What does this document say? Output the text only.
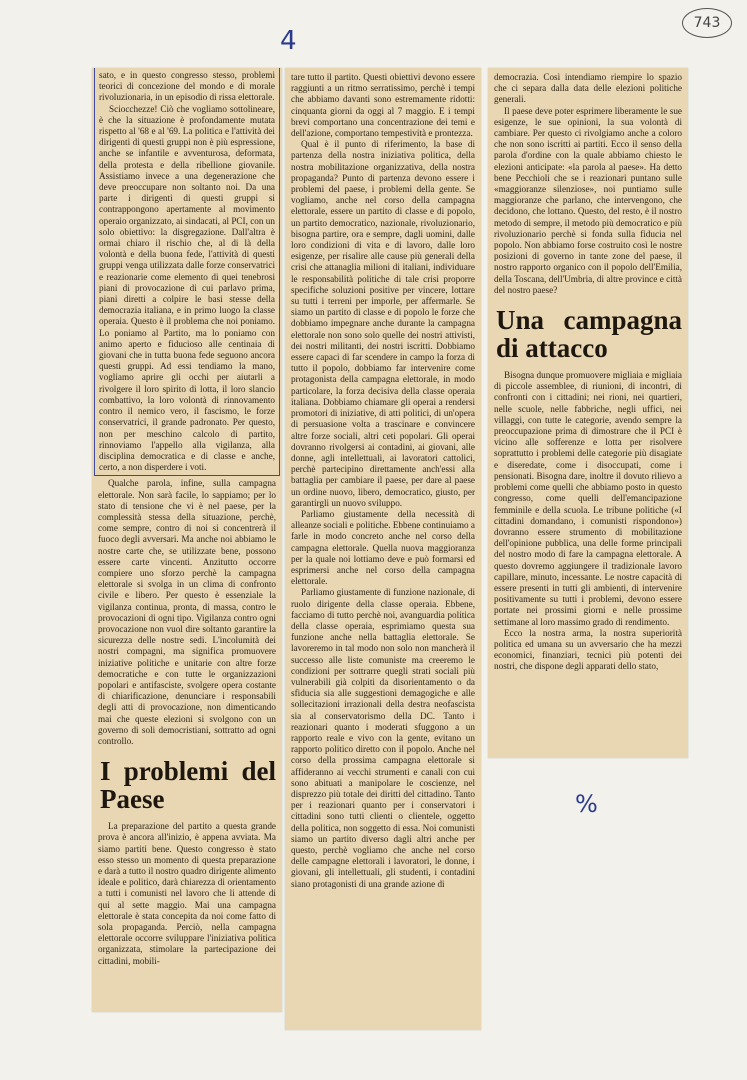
4
743
%

sato, e in questo congresso stesso, problemi teorici di concezione del mondo e di morale rivoluzionaria, in un episodio di rissa elettorale.

Sciocchezze! Ciò che vogliamo sottolineare, è che la situazione è profondamente mutata rispetto al '68 e al '69. La politica e l'attività dei dirigenti di questi gruppi non è più espressione, anche se infantile e avventurosa, deformata, della protesta e della ribellione giovanile. Assistiamo invece a una degenerazione che deve preoccupare non soltanto noi. Da una parte i dirigenti di questi gruppi si contrappongono apertamente al movimento operaio organizzato, ai sindacati, al PCI, con un solo obiettivo: la disgregazione. Dall'altra è ormai chiaro il rischio che, al di là della volontà e della buona fede, l'attività di questi gruppi venga utilizzata dalle forze conservatrici e reazionarie come elemento di quei tenebrosi piani di provocazione di cui parlavo prima, piani diretti a colpire le basi stesse della democrazia italiana, e in primo luogo la classe operaia. Questo è il problema che noi poniamo. Lo poniamo al Partito, ma lo poniamo con animo aperto e fiducioso alle centinaia di giovani che in tutta buona fede seguono ancora questi gruppi. Ad essi tendiamo la mano, vogliamo aprire gli occhi per aiutarli a rivolgere il loro spirito di lotta, il loro slancio combattivo, la loro volontà di rinnovamento contro il nemico vero, il fascismo, le forze conservatrici, il grande padronato. Per questo, non per meschino calcolo di partito, rinnoviamo l'appello alla vigilanza, alla disciplina democratica e di classe e anche, certo, a non disperdere i voti.

Qualche parola, infine, sulla campagna elettorale. Non sarà facile, lo sappiamo; per lo stato di tensione che vi è nel paese, per la complessità stessa della situazione, perchè, come sempre, contro di noi si concentrerà il fuoco degli avversari. Ma anche noi abbiamo le nostre carte che, se utilizzate bene, possono essere carte vincenti. Anzitutto occorre compiere uno sforzo perchè la campagna elettorale si svolga in un clima di confronto civile e libero. Per questo è essenziale la vigilanza continua, pronta, di massa, contro le provocazioni di ogni tipo. Vigilanza contro ogni provocazione non vuol dire soltanto garantire la sicurezza delle nostre sedi. L'incolumità dei nostri compagni, ma significa promuovere iniziative politiche e unitarie con altre forze democratiche e con tutte le organizzazioni popolari e antifasciste, svolgere opera costante di chiarificazione, denunciare i responsabili degli atti di provocazione, non dimenticando mai che queste elezioni si svolgono con un governo di soli democristiani, sottratto ad ogni controllo.

I problemi del Paese

La preparazione del partito a questa grande prova è ancora all'inizio, è appena avviata. Ma siamo partiti bene. Questo congresso è stato esso stesso un momento di questa preparazione e darà a tutto il nostro quadro dirigente alimento ideale e politico, darà chiarezza di orientamento a tutti i comunisti nel lavoro che li attende di qui al sette maggio. Mai una campagna elettorale è stata concepita da noi come fatto di sola propaganda. Perciò, nella campagna elettorale occorre sviluppare l'iniziativa politica organizzata, stimolare la partecipazione dei cittadini, mobili-

tare tutto il partito. Questi obiettivi devono essere raggiunti a un ritmo serratissimo, perchè i tempi che abbiamo davanti sono estremamente ridotti: cinquanta giorni da oggi al 7 maggio. E i tempi brevi comportano una concentrazione dei temi e dell'azione, comportano tempestività e prontezza.

Qual è il punto di riferimento, la base di partenza della nostra iniziativa politica, della nostra mobilitazione organizzativa, della nostra propaganda? Punto di partenza devono essere i problemi del paese, i problemi della gente. Se vogliamo, anche nel corso della campagna elettorale, essere un partito di classe e di popolo, un partito democratico, nazionale, rivoluzionario, bisogna partire, ora e sempre, dagli uomini, dalle loro condizioni di vita e di lavoro, dalle loro esigenze, per risalire alle cause più generali della crisi che attanaglia milioni di italiani, individuare le responsabilità politiche di tale crisi proporre specifiche soluzioni positive per vincere, lottare su tutti i terreni per imporle, per affermarle. Se siamo un partito di classe e di popolo le forze che dobbiamo impegnare anche durante la campagna elettorale non sono solo quelle dei nostri attivisti, dei nostri militanti, dei nostri iscritti. Dobbiamo essere capaci di far scendere in campo la forza di tutto il popolo, dobbiamo far intervenire come protagonista della campagna elettorale, in modo particolare, la forza decisiva della classe operaia italiana. Dobbiamo chiamare gli operai a rendersi promotori di iniziative, di atti politici, di un'opera di persuasione volta a trascinare e convincere altre forze sociali, altri ceti popolari. Gli operai dovranno rivolgersi ai contadini, ai giovani, alle donne, agli intellettuali, ai lavoratori cattolici, perchè partecipino direttamente anch'essi alla battaglia per cambiare il paese, per dare al paese un ordine nuovo, libero, democratico, giusto, per garantirgli un nuovo sviluppo.

Parliamo giustamente della necessità di alleanze sociali e politiche. Ebbene continuiamo a farle in modo concreto anche nel corso della campagna elettorale. Quella nuova maggioranza per la quale noi lottiamo deve e può formarsi ed esprimersi anche nel corso della campagna elettorale.

Parliamo giustamente di funzione nazionale, di ruolo dirigente della classe operaia. Ebbene, facciamo di tutto perchè noi, avanguardia politica della classe operaia, esprimiamo questa sua funzione anche nella battaglia elettorale. Se lavoreremo in tal modo non solo non mancherà il successo alle liste comuniste ma creeremo le condizioni per sottrarre quegli strati sociali più vulnerabili già colpiti da disorientamento o da sfiducia sia alle suggestioni demagogiche e alle sollecitazioni irrazionali della destra neofascista sia al conservatorismo della DC. Tanto i reazionari quanto i moderati sfuggono a un rapporto reale e vivo con la gente, evitano un rapporto politico diretto con il popolo. Anche nel corso della prossima campagna elettorale si affideranno ai vecchi strumenti e canali con cui sono abituati a manipolare le coscienze, nel disprezzo più totale dei diritti del cittadino. Tanto per i reazionari quanto per i conservatori i cittadini sono tutti clienti o clientele, oggetto della politica, non soggetto di essa. Noi comunisti siamo un partito diverso dagli altri anche per questo, perchè vogliamo che anche nel corso delle campagne elettorali i lavoratori, le donne, i giovani, gli intellettuali, gli studenti, i contadini siano protagonisti di una grande azione di

democrazia. Così intendiamo riempire lo spazio che ci separa dalla data delle elezioni politiche generali.

Il paese deve poter esprimere liberamente le sue esigenze, le sue opinioni, la sua volontà di cambiare. Per questo ci rivolgiamo anche a coloro che non sono iscritti ai partiti. Ecco il senso della parola d'ordine con la quale abbiamo chiesto le elezioni anticipate: «la parola al paese». Ha detto bene Pecchioli che se i reazionari puntano sulle «maggioranze silenziose», noi puntiamo sulle maggioranze che parlano, che intervengono, che decidono, che lottano. Questo, del resto, è il nostro metodo di sempre, il metodo più democratico e più rivoluzionario perchè si fonda sulla fiducia nel popolo. Non abbiamo forse costruito così le nostre posizioni di governo in tante zone del paese, il nostro rapporto organico con il popolo dell'Emilia, della Toscana, dell'Umbria, di altre province e città del nostro paese?

Una campagna di attacco

Bisogna dunque promuovere migliaia e migliaia di piccole assemblee, di riunioni, di incontri, di confronti con i cittadini; nei rioni, nei quartieri, nelle scuole, nelle fabbriche, negli uffici, nei villaggi, con tutte le categorie, avendo sempre la preoccupazione prima di dimostrare che il PCI è vicino alle sofferenze e lotta per risolvere soprattutto i problemi delle categorie più disagiate e diseredate, come i disoccupati, come i pensionati. Bisogna dare, inoltre il dovuto rilievo a problemi come quelli che abbiamo posto in questo congresso, come quelli dell'emancipazione femminile e della scuola. Le tribune politiche («I cittadini domandano, i comunisti rispondono») dovranno essere strumento di mobilitazione dell'opinione pubblica, una delle forme principali del nostro modo di fare la campagna elettorale. A questo dovremo aggiungere il tradizionale lavoro capillare, minuto, incessante. Le nostre capacità di essere presenti in tutti gli ambienti, di intervenire positivamente su tutti i problemi, devono essere portate nei prossimi giorni e nelle prossime settimane al loro massimo grado di rendimento.

Ecco la nostra arma, la nostra superiorità politica ed umana su un avversario che ha mezzi economici, finanziari, tecnici più potenti dei nostri, che dispone degli apparati dello stato,
